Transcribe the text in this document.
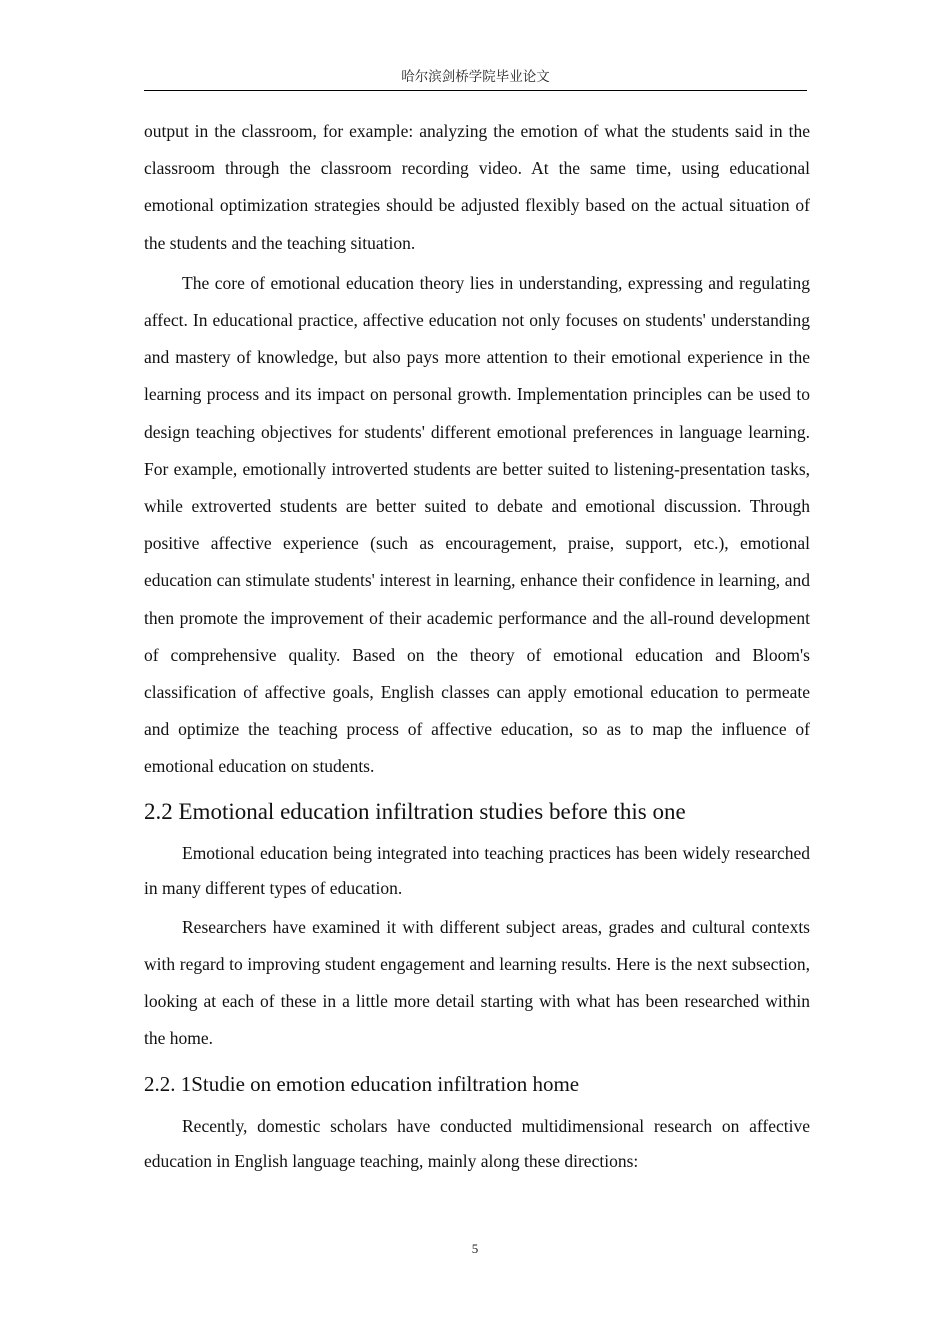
哈尔滨剑桥学院毕业论文

output in the classroom, for example: analyzing the emotion of what the students said in the classroom through the classroom recording video. At the same time, using educational emotional optimization strategies should be adjusted flexibly based on the actual situation of the students and the teaching situation.

The core of emotional education theory lies in understanding, expressing and regulating affect. In educational practice, affective education not only focuses on students' understanding and mastery of knowledge, but also pays more attention to their emotional experience in the learning process and its impact on personal growth. Implementation principles can be used to design teaching objectives for students' different emotional preferences in language learning. For example, emotionally introverted students are better suited to listening-presentation tasks, while extroverted students are better suited to debate and emotional discussion. Through positive affective experience (such as encouragement, praise, support, etc.), emotional education can stimulate students' interest in learning, enhance their confidence in learning, and then promote the improvement of their academic performance and the all-round development of comprehensive quality. Based on the theory of emotional education and Bloom's classification of affective goals, English classes can apply emotional education to permeate and optimize the teaching process of affective education, so as to map the influence of emotional education on students.

2.2 Emotional education infiltration studies before this one

Emotional education being integrated into teaching practices has been widely researched in many different types of education.

Researchers have examined it with different subject areas, grades and cultural contexts with regard to improving student engagement and learning results. Here is the next subsection, looking at each of these in a little more detail starting with what has been researched within the home.

2.2. 1Studie on emotion education infiltration home

Recently, domestic scholars have conducted multidimensional research on affective education in English language teaching, mainly along these directions:

5
